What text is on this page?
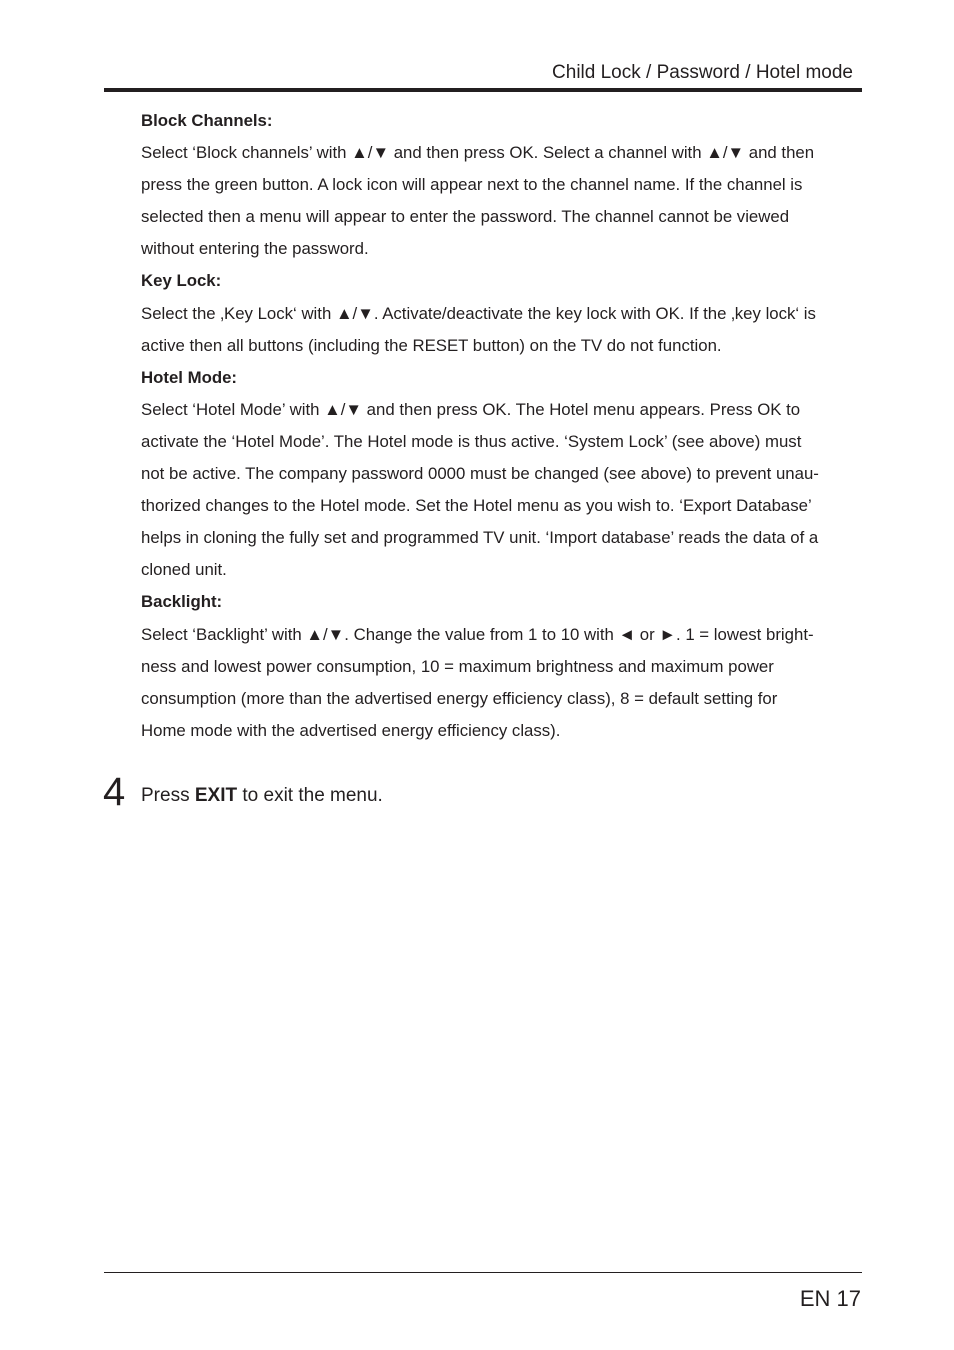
Child Lock / Password / Hotel mode

Block Channels:

Select ‘Block channels’ with ▲/▼ and then press OK. Select a channel with ▲/▼ and then

press the green button. A lock icon will appear next to the channel name. If the channel is

selected then a menu will appear to enter the password. The channel cannot be viewed

without entering the password.

Key Lock:

Select the ‚Key Lock‘ with ▲/▼. Activate/deactivate the key lock with OK. If the ‚key lock‘ is

active then all buttons (including the RESET button) on the TV do not function.

Hotel Mode:

Select ‘Hotel Mode’ with ▲/▼ and then press OK. The Hotel menu appears. Press OK to

activate the ‘Hotel Mode’. The Hotel mode is thus active. ‘System Lock’ (see above) must

not be active. The company password 0000 must be changed (see above) to prevent unau-

thorized changes to the Hotel mode. Set the Hotel menu as you wish to. ‘Export Database’

helps in cloning the fully set and programmed TV unit. ‘Import database’ reads the data of a

cloned unit.

Backlight:

Select ‘Backlight’ with ▲/▼. Change the value from 1 to 10 with ◄ or ►. 1 = lowest bright-

ness and lowest power consumption, 10 = maximum brightness and maximum power

consumption (more than the advertised energy efficiency class), 8 = default setting for

Home mode with the advertised energy efficiency class).

4 Press EXIT to exit the menu.
EN 17
